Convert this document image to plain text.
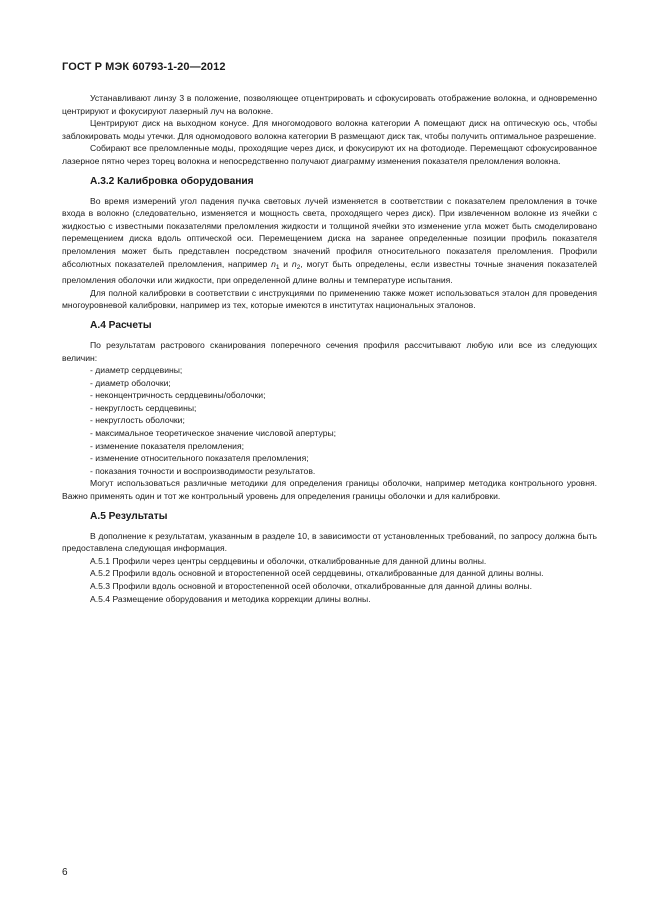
ГОСТ Р МЭК 60793-1-20—2012

Устанавливают линзу 3 в положение, позволяющее отцентрировать и сфокусировать отображение волокна, и одновременно центрируют и фокусируют лазерный луч на волокне.

Центрируют диск на выходном конусе. Для многомодового волокна категории А помещают диск на оптическую ось, чтобы заблокировать моды утечки. Для одномодового волокна категории В размещают диск так, чтобы получить оптимальное разрешение.

Собирают все преломленные моды, проходящие через диск, и фокусируют их на фотодиоде. Перемещают сфокусированное лазерное пятно через торец волокна и непосредственно получают диаграмму изменения показателя преломления волокна.

А.3.2 Калибровка оборудования

Во время измерений угол падения пучка световых лучей изменяется в соответствии с показателем преломления в точке входа в волокно (следовательно, изменяется и мощность света, проходящего через диск). При извлеченном волокне из ячейки с жидкостью с известными показателями преломления жидкости и толщиной ячейки это изменение угла может быть смоделировано перемещением диска вдоль оптической оси. Перемещением диска на заранее определенные позиции профиль показателя преломления может быть представлен посредством значений профиля относительного показателя преломления. Профили абсолютных показателей преломления, например $n_1$ и $n_2$, могут быть определены, если известны точные значения показателей преломления оболочки или жидкости, при определенной длине волны и температуре испытания.

Для полной калибровки в соответствии с инструкциями по применению также может использоваться эталон для проведения многоуровневой калибровки, например из тех, которые имеются в институтах национальных эталонов.

А.4 Расчеты

По результатам растрового сканирования поперечного сечения профиля рассчитывают любую или все из следующих величин:

- диаметр сердцевины;

- диаметр оболочки;

- неконцентричность сердцевины/оболочки;

- некруглость сердцевины;

- некруглость оболочки;

- максимальное теоретическое значение числовой апертуры;

- изменение показателя преломления;

- изменение относительного показателя преломления;

- показания точности и воспроизводимости результатов.

Могут использоваться различные методики для определения границы оболочки, например методика контрольного уровня. Важно применять один и тот же контрольный уровень для определения границы оболочки и для калибровки.

А.5 Результаты

В дополнение к результатам, указанным в разделе 10, в зависимости от установленных требований, по запросу должна быть предоставлена следующая информация.

А.5.1 Профили через центры сердцевины и оболочки, откалиброванные для данной длины волны.

А.5.2 Профили вдоль основной и второстепенной осей сердцевины, откалиброванные для данной длины волны.

А.5.3 Профили вдоль основной и второстепенной осей оболочки, откалиброванные для данной длины волны.

А.5.4 Размещение оборудования и методика коррекции длины волны.

6
